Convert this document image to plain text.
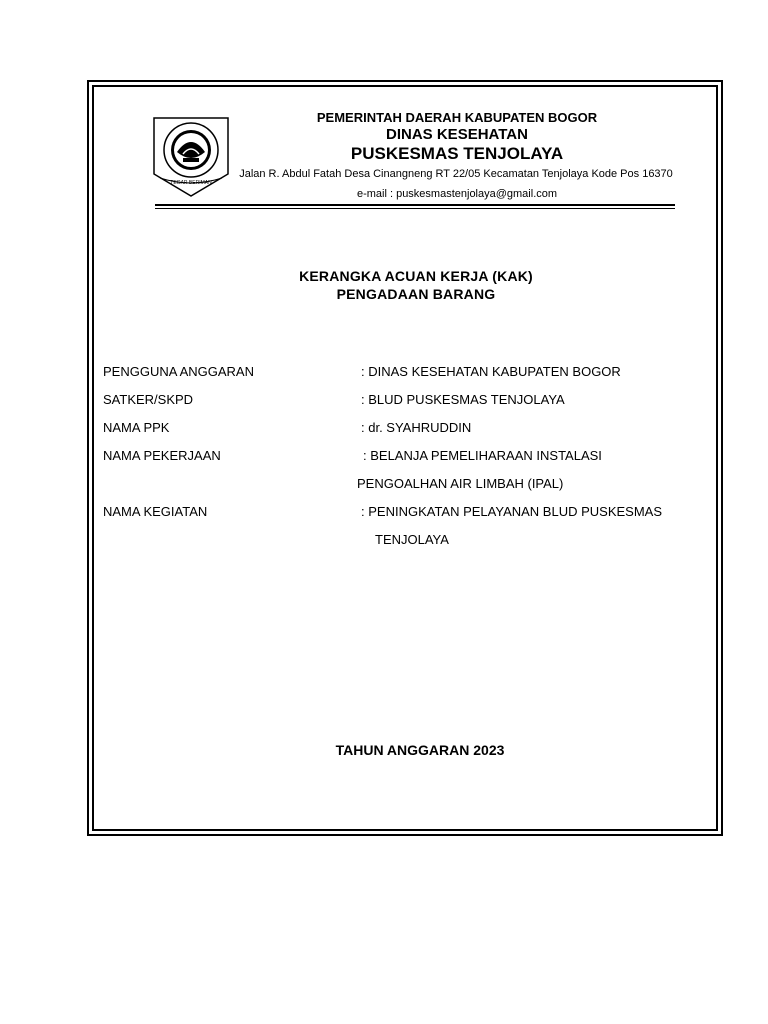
TEGAR BERIMAN
PEMERINTAH DAERAH KABUPATEN BOGOR
DINAS KESEHATAN
PUSKESMAS TENJOLAYA
Jalan R. Abdul Fatah Desa Cinangneng RT 22/05 Kecamatan Tenjolaya Kode Pos 16370
e-mail : puskesmastenjolaya@gmail.com
KERANGKA ACUAN KERJA (KAK)
PENGADAAN BARANG
PENGGUNA ANGGARAN	: DINAS KESEHATAN KABUPATEN BOGOR
SATKER/SKPD	: BLUD PUSKESMAS TENJOLAYA
NAMA PPK	: dr. SYAHRUDDIN
NAMA PEKERJAAN	: BELANJA PEMELIHARAAN INSTALASI
PENGOALHAN AIR LIMBAH (IPAL)
NAMA KEGIATAN	: PENINGKATAN PELAYANAN BLUD PUSKESMAS
TENJOLAYA
TAHUN ANGGARAN 2023
